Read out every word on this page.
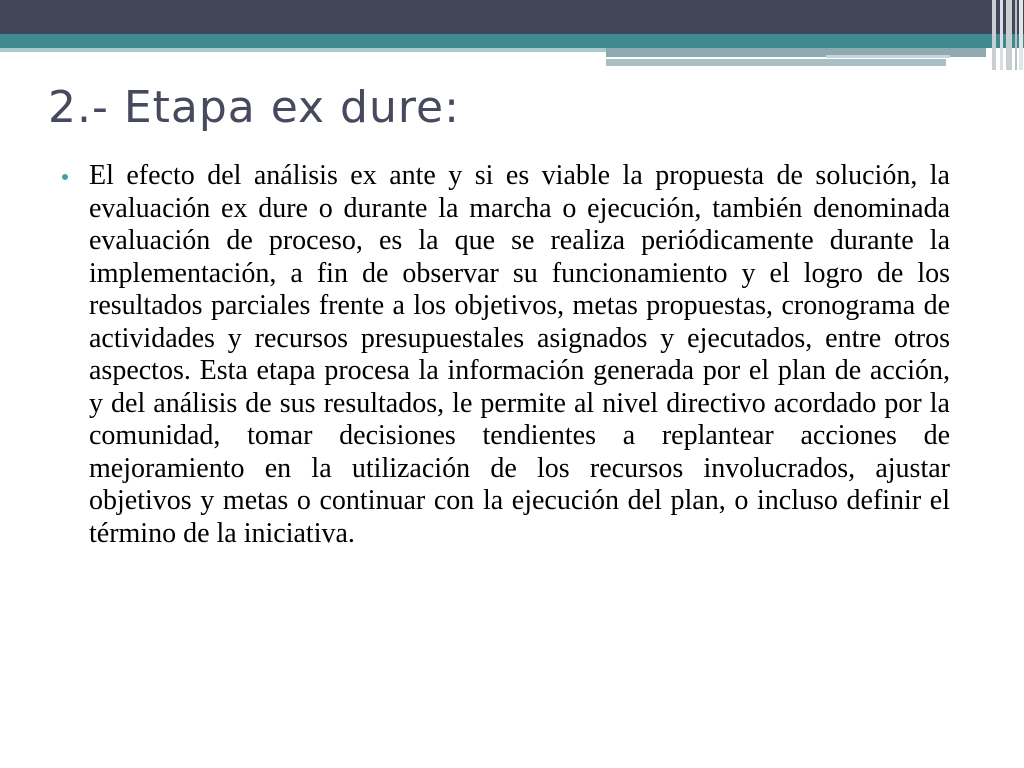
2.- Etapa ex dure:

El efecto del análisis ex ante y si es viable la propuesta de solución, la evaluación ex dure o durante la marcha o ejecución, también denominada evaluación de proceso, es la que se realiza periódicamente durante la implementación, a fin de observar su funcionamiento y el logro de los resultados parciales frente a los objetivos, metas propuestas, cronograma de actividades y recursos presupuestales asignados y ejecutados, entre otros aspectos. Esta etapa procesa la información generada por el plan de acción, y del análisis de sus resultados, le permite al nivel directivo acordado por la comunidad, tomar decisiones tendientes a replantear acciones de mejoramiento en la utilización de los recursos involucrados, ajustar objetivos y metas o continuar con la ejecución del plan, o incluso definir el término de la iniciativa.
